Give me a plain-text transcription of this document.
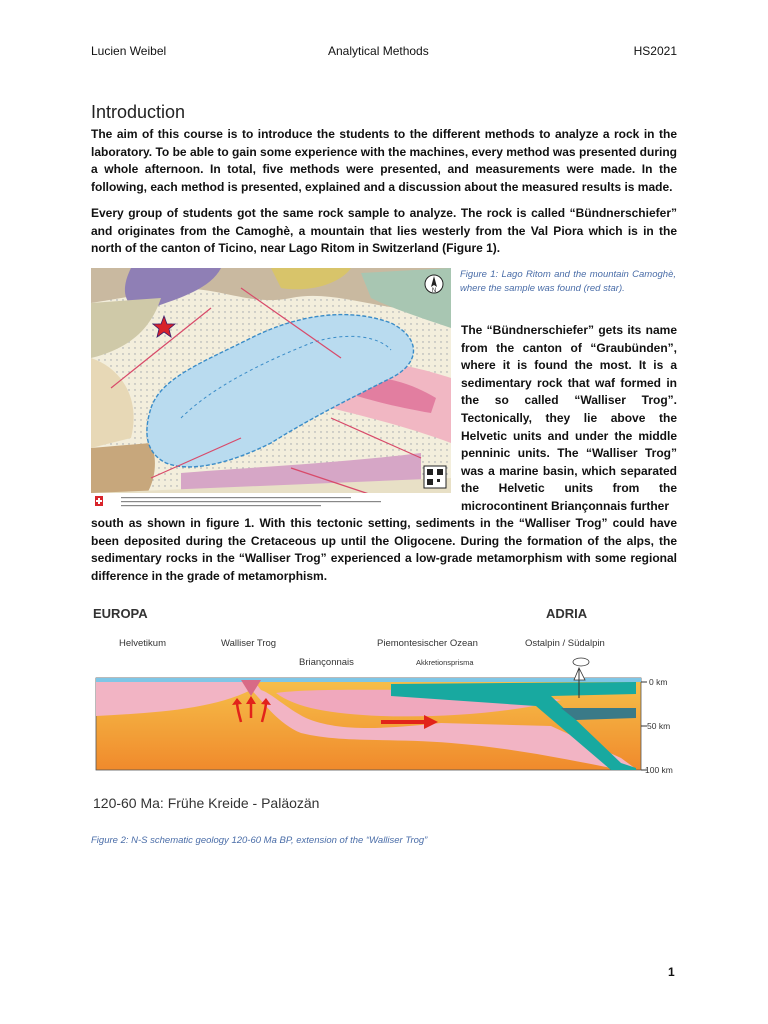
Lucien Weibel	Analytical Methods	HS2021
Introduction

The aim of this course is to introduce the students to the different methods to analyze a rock in the laboratory. To be able to gain some experience with the machines, every method was presented during a whole afternoon. In total, five methods were presented, and measurements were made. In the following, each method is presented, explained and a discussion about the measured results is made.

Every group of students got the same rock sample to analyze. The rock is called “Bündnerschiefer” and originates from the Camoghè, a mountain that lies westerly from the Val Piora which is in the north of the canton of Ticino, near Lago Ritom in Switzerland (Figure 1).

N

Figure 1: Lago Ritom and the mountain Camoghè, where the sample was found (red star).

The “Bündnerschiefer” gets its name from the canton of “Graubünden”, where it is found the most. It is a sedimentary rock that waf formed in the so called “Walliser Trog”. Tectonically, they lie above the Helvetic units and under the middle penninic units. The “Walliser Trog” was a marine basin, which separated the Helvetic units from the microcontinent Briançonnais further

south as shown in figure 1. With this tectonic setting, sediments in the “Walliser Trog” could have been deposited during the Cretaceous up until the Oligocene. During the formation of the alps, the sedimentary rocks in the “Walliser Trog” experienced a low-grade metamorphism with some regional difference in the grade of metamorphism.

EUROPA	ADRIA
Helvetikum	Walliser Trog	Piemontesischer Ozean	Ostalpin / Südalpin
Briançonnais	Akkretionsprisma
0 km
50 km
100 km
120-60 Ma: Frühe Kreide - Paläozän

Figure 2: N-S schematic geology 120-60 Ma BP, extension of the “Walliser Trog”

1
